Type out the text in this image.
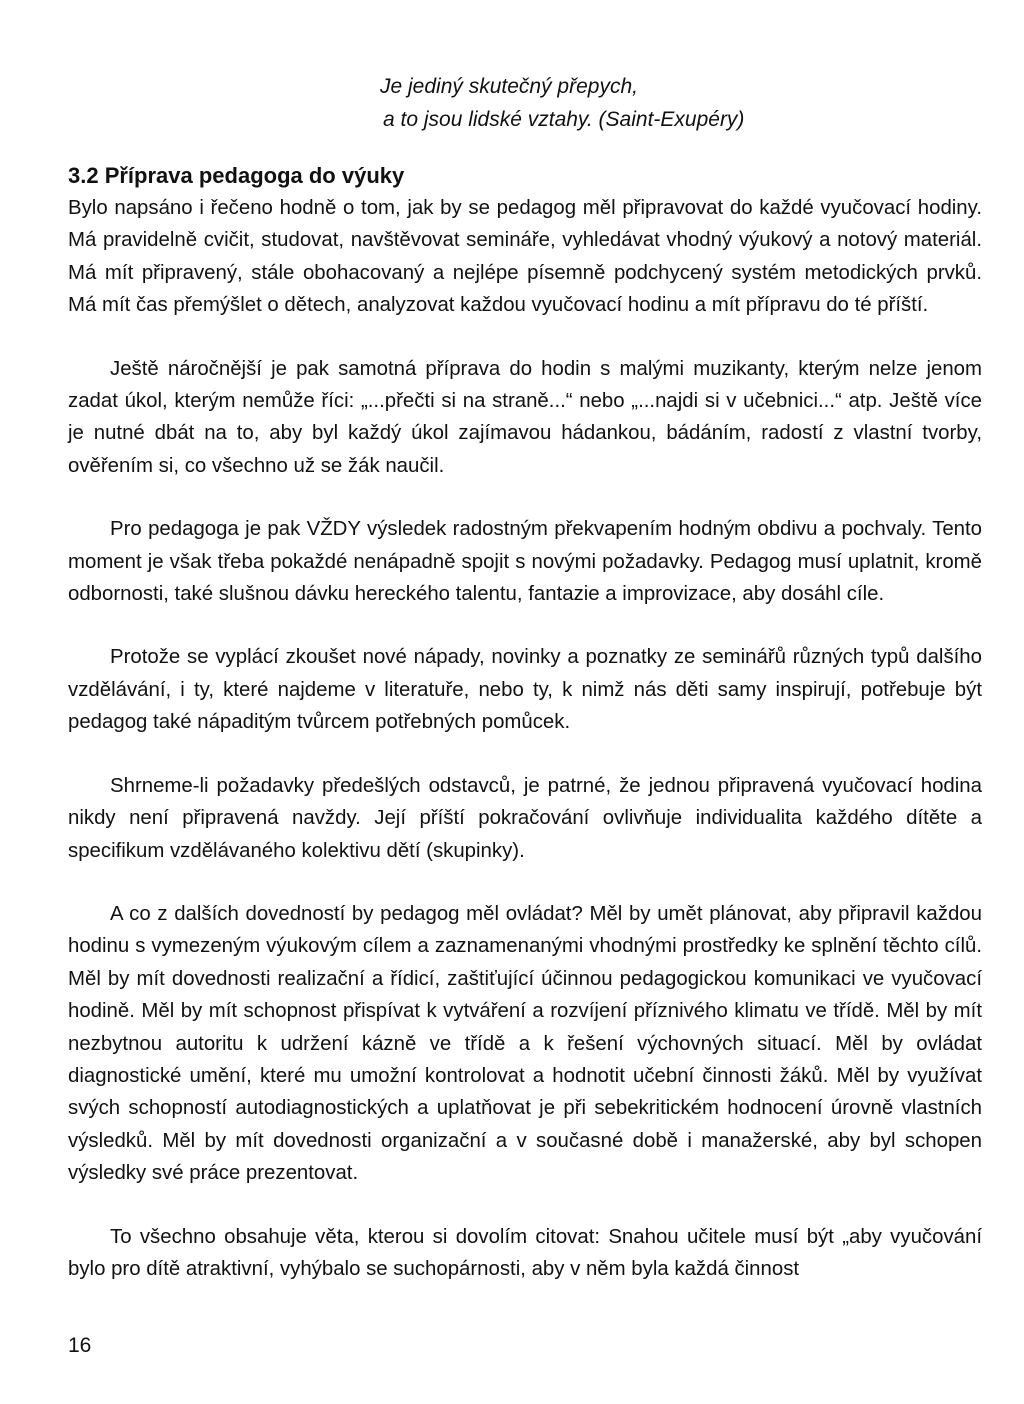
Je jediný skutečný přepych,
a to jsou lidské vztahy. (Saint-Exupéry)
3.2 Příprava pedagoga do výuky

Bylo napsáno i řečeno hodně o tom, jak by se pedagog měl připravovat do každé vyučovací hodiny. Má pravidelně cvičit, studovat, navštěvovat semináře, vyhledávat vhodný výukový a notový materiál. Má mít připravený, stále obohacovaný a nejlépe písemně podchycený systém metodických prvků. Má mít čas přemýšlet o dětech, analyzovat každou vyučovací hodinu a mít přípravu do té příští.

Ještě náročnější je pak samotná příprava do hodin s malými muzikanty, kterým nelze jenom zadat úkol, kterým nemůže říci: „...přečti si na straně...“ nebo „...najdi si v učebnici...“ atp. Ještě více je nutné dbát na to, aby byl každý úkol zajímavou hádankou, bádáním, radostí z vlastní tvorby, ověřením si, co všechno už se žák naučil.

Pro pedagoga je pak VŽDY výsledek radostným překvapením hodným obdivu a pochvaly. Tento moment je však třeba pokaždé nenápadně spojit s novými požadavky. Pedagog musí uplatnit, kromě odbornosti, také slušnou dávku hereckého talentu, fantazie a improvizace, aby dosáhl cíle.

Protože se vyplácí zkoušet nové nápady, novinky a poznatky ze seminářů různých typů dalšího vzdělávání, i ty, které najdeme v literatuře, nebo ty, k nimž nás děti samy inspirují, potřebuje být pedagog také nápaditým tvůrcem potřebných pomůcek.

Shrneme-li požadavky předešlých odstavců, je patrné, že jednou připravená vyučovací hodina nikdy není připravená navždy. Její příští pokračování ovlivňuje individualita každého dítěte a specifikum vzdělávaného kolektivu dětí (skupinky).

A co z dalších dovedností by pedagog měl ovládat? Měl by umět plánovat, aby připravil každou hodinu s vymezeným výukovým cílem a zaznamenanými vhodnými prostředky ke splnění těchto cílů. Měl by mít dovednosti realizační a řídicí, zaštiťující účinnou pedagogickou komunikaci ve vyučovací hodině. Měl by mít schopnost přispívat k vytváření a rozvíjení příznivého klimatu ve třídě. Měl by mít nezbytnou autoritu k udržení kázně ve třídě a k řešení výchovných situací. Měl by ovládat diagnostické umění, které mu umožní kontrolovat a hodnotit učební činnosti žáků. Měl by využívat svých schopností autodiagnostických a uplatňovat je při sebekritickém hodnocení úrovně vlastních výsledků. Měl by mít dovednosti organizační a v současné době i manažerské, aby byl schopen výsledky své práce prezentovat.

To všechno obsahuje věta, kterou si dovolím citovat: Snahou učitele musí být „aby vyučování bylo pro dítě atraktivní, vyhýbalo se suchopárnosti, aby v něm byla každá činnost

16
